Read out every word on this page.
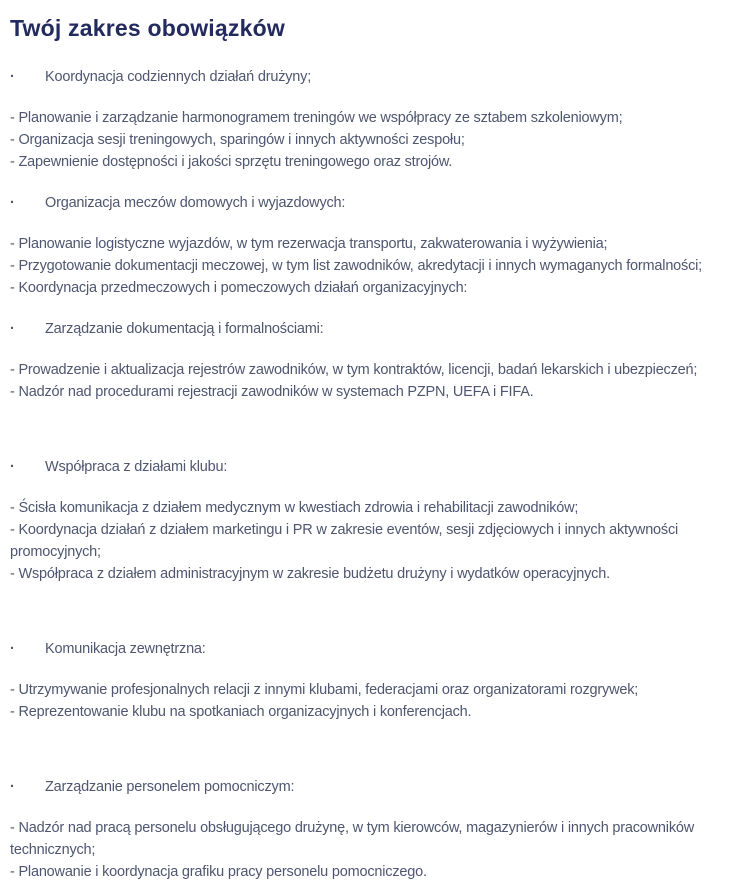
Twój zakres obowiązków
·	Koordynacja codziennych działań drużyny;
- Planowanie i zarządzanie harmonogramem treningów we współpracy ze sztabem szkoleniowym;
- Organizacja sesji treningowych, sparingów i innych aktywności zespołu;
- Zapewnienie dostępności i jakości sprzętu treningowego oraz strojów.
·	Organizacja meczów domowych i wyjazdowych:
- Planowanie logistyczne wyjazdów, w tym rezerwacja transportu, zakwaterowania i wyżywienia;
- Przygotowanie dokumentacji meczowej, w tym list zawodników, akredytacji i innych wymaganych formalności;
- Koordynacja przedmeczowych i pomeczowych działań organizacyjnych:
·	Zarządzanie dokumentacją i formalnościami:
- Prowadzenie i aktualizacja rejestrów zawodników, w tym kontraktów, licencji, badań lekarskich i ubezpieczeń;
- Nadzór nad procedurami rejestracji zawodników w systemach PZPN, UEFA i FIFA.
·	Współpraca z działami klubu:
- Ścisła komunikacja z działem medycznym w kwestiach zdrowia i rehabilitacji zawodników;
- Koordynacja działań z działem marketingu i PR w zakresie eventów, sesji zdjęciowych i innych aktywności promocyjnych;
- Współpraca z działem administracyjnym w zakresie budżetu drużyny i wydatków operacyjnych.
·	Komunikacja zewnętrzna:
- Utrzymywanie profesjonalnych relacji z innymi klubami, federacjami oraz organizatorami rozgrywek;
- Reprezentowanie klubu na spotkaniach organizacyjnych i konferencjach.
·	Zarządzanie personelem pomocniczym:
- Nadzór nad pracą personelu obsługującego drużynę, w tym kierowców, magazynierów i innych pracowników technicznych;
- Planowanie i koordynacja grafiku pracy personelu pomocniczego.
